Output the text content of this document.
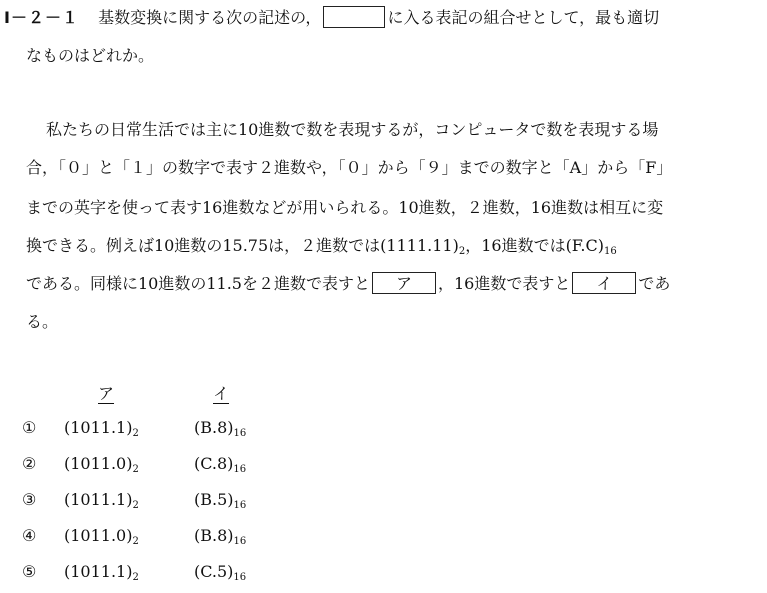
Ⅰ－２－１ 基数変換に関する次の記述の，	に入る表記の組合せとして，最も適切
なものはどれか。
私たちの日常生活では主に10進数で数を表現するが，コンピュータで数を表現する場
合，「０」と「１」の数字で表す２進数や，「０」から「９」までの数字と「A」から「F」
までの英字を使って表す16進数などが用いられる。10進数，２進数，16進数は相互に変
換できる。例えば10進数の15.75は，２進数では$(1111.11)_2$，16進数では$(F.C)_{16}$
である。同様に10進数の11.5を２進数で表すと ア ，16進数で表すと イ であ
る。
ア	イ
① $(1011.1)_2$	$(B.8)_{16}$
② $(1011.0)_2$	$(C.8)_{16}$
③ $(1011.1)_2$	$(B.5)_{16}$
④ $(1011.0)_2$	$(B.8)_{16}$
⑤ $(1011.1)_2$	$(C.5)_{16}$
